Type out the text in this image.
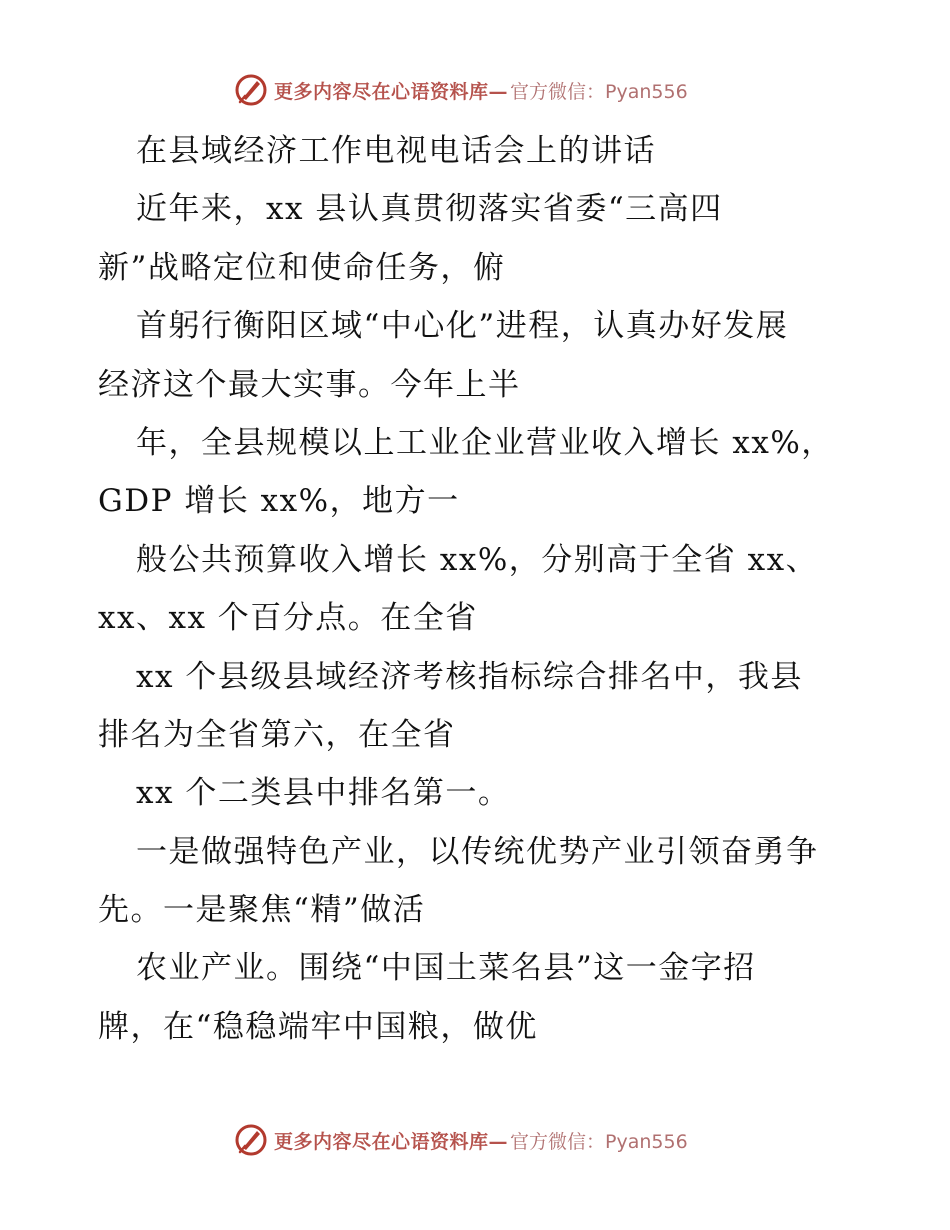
更多内容尽在心语资料库— 官方微信：Pyan556
在县域经济工作电视电话会上的讲话
近年来，xx 县认真贯彻落实省委“三高四
新”战略定位和使命任务，俯
首躬行衡阳区域“中心化”进程，认真办好发展
经济这个最大实事。今年上半
年，全县规模以上工业企业营业收入增长 xx%，
GDP 增长 xx%，地方一
般公共预算收入增长 xx%，分别高于全省 xx、
xx、xx 个百分点。在全省
xx 个县级县域经济考核指标综合排名中，我县
排名为全省第六，在全省
xx 个二类县中排名第一。
一是做强特色产业，以传统优势产业引领奋勇争
先。一是聚焦“精”做活
农业产业。围绕“中国土菜名县”这一金字招
牌，在“稳稳端牢中国粮，做优
更多内容尽在心语资料库— 官方微信：Pyan556
